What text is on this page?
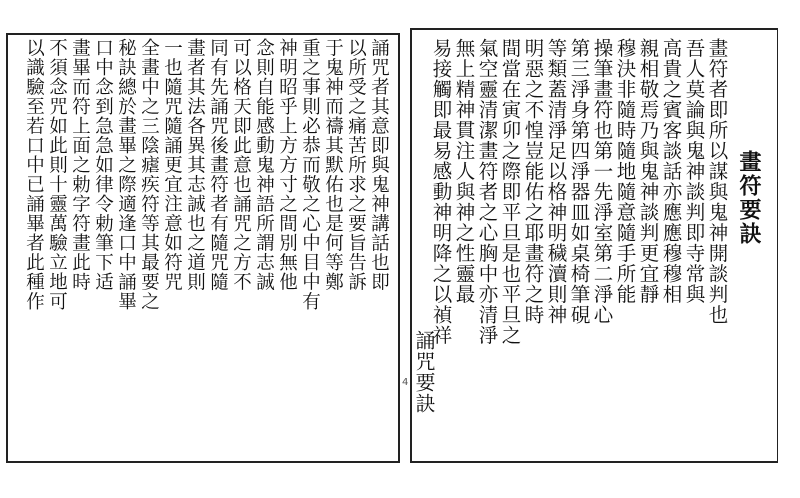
誦咒者其意即與鬼神講話也即
以所受之痛苦所求之要旨告訴
于鬼神而禱其默佑也是何等鄭
重之事則必恭而敬之心中目中有
神明昭乎上方方寸之間別無他
念則自能感動鬼神語所謂志誠
可以格天即此意也誦咒之方不
同有先誦咒後畫符者有隨咒隨
畫者其法各異其志誠也之道則
一也隨咒隨誦更宜注意如符咒
全畫中之三陰瘧疾符等其最要之
秘訣總於畫畢之際適逢口中誦畢
口中念到急急如律令勅筆下适
畫畢而符上面之勅字符畫此時
不須念咒如此則十靈萬驗立地可
以識驗至若口中已誦畢者此種作
4
畫符要訣
畫符者即所以謀與鬼神開談判也
吾人莫論與鬼神談判即寺常與
高貴之賓客談話亦應應穆穆相
親相敬焉乃與鬼神談判更宜靜
穆決非隨時隨地隨意隨手所能
操筆畫符也第一先淨室第二淨心
第三淨身第四淨器皿如桌椅筆硯
等類蓋清淨足以格神明穢瀆則神
明惡之不惶豈能佑之耶畫符之時
間當在寅卯之際即平旦是也平旦之
氣空靈清潔畫符者之心胸中亦清淨
無上精神貫注人與神之性靈最
易接觸即最易感動神明降之以禎祥
誦咒要訣
